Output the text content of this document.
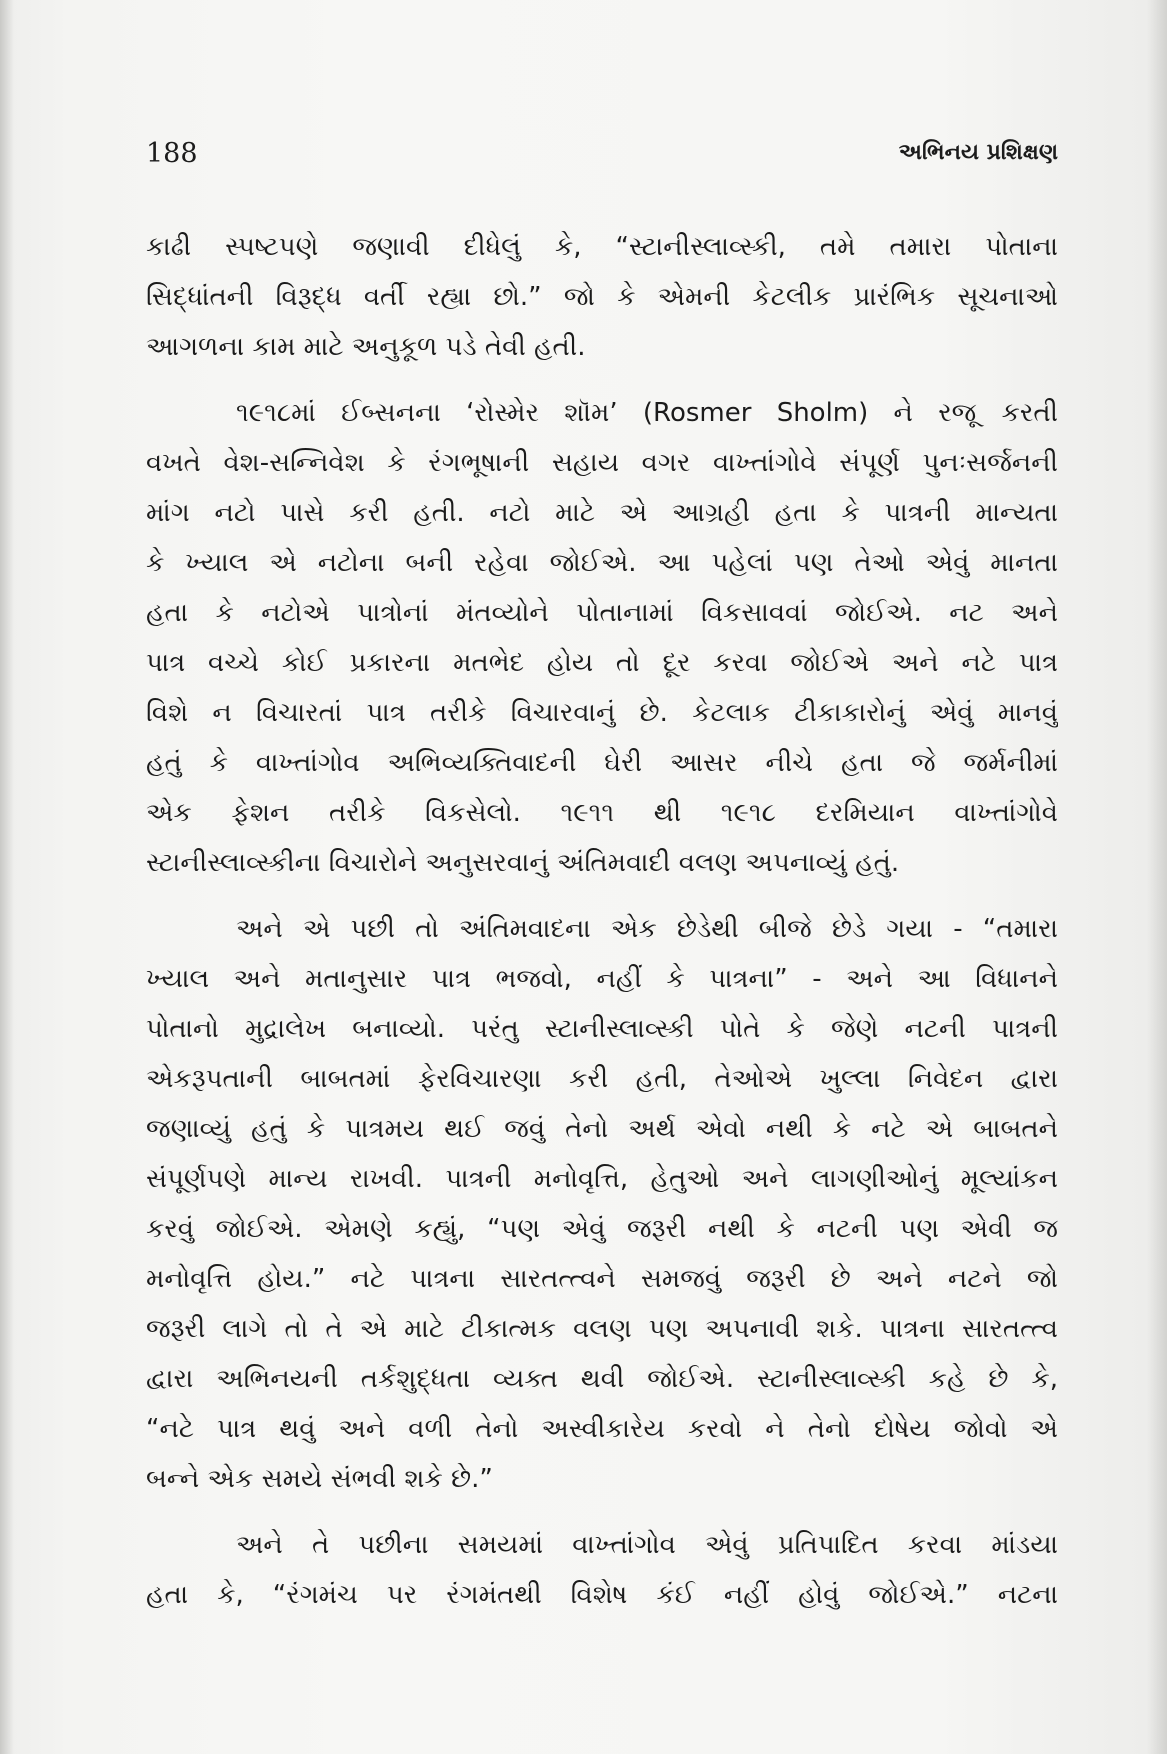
188	અભિનય પ્રશિક્ષણ
કાઢી સ્પષ્ટપણે જણાવી દીધેલું કે, “સ્ટાનીસ્લાવ્સ્કી, તમે તમારા પોતાના
સિદ્ધાંતની વિરૂદ્ધ વર્તી રહ્યા છો.” જો કે એમની કેટલીક પ્રારંભિક સૂચનાઓ
આગળના કામ માટે અનુકૂળ પડે તેવી હતી.
૧૯૧૮માં ઈબ્સનના ‘રોસ્મેર શૉમ’ (Rosmer Sholm) ને રજૂ કરતી
વખતે વેશ-સન્નિવેશ કે રંગભૂષાની સહાય વગર વાખ્તાંગોવે સંપૂર્ણ પુનઃસર્જનની
માંગ નટો પાસે કરી હતી. નટો માટે એ આગ્રહી હતા કે પાત્રની માન્યતા
કે ખ્યાલ એ નટોના બની રહેવા જોઈએ. આ પહેલાં પણ તેઓ એવું માનતા
હતા કે નટોએ પાત્રોનાં મંતવ્યોને પોતાનામાં વિકસાવવાં જોઈએ. નટ અને
પાત્ર વચ્ચે કોઈ પ્રકારના મતભેદ હોય તો દૂર કરવા જોઈએ અને નટે પાત્ર
વિશે ન વિચારતાં પાત્ર તરીકે વિચારવાનું છે. કેટલાક ટીકાકારોનું એવું માનવું
હતું કે વાખ્તાંગોવ અભિવ્યક્તિવાદની ઘેરી આસર નીચે હતા જે જર્મનીમાં
એક ફેશન તરીકે વિકસેલો. ૧૯૧૧ થી ૧૯૧૮ દરમિયાન વાખ્તાંગોવે
સ્ટાનીસ્લાવ્સ્કીના વિચારોને અનુસરવાનું અંતિમવાદી વલણ અપનાવ્યું હતું.
અને એ પછી તો અંતિમવાદના એક છેડેથી બીજે છેડે ગયા - “તમારા
ખ્યાલ અને મતાનુસાર પાત્ર ભજવો, નહીં કે પાત્રના” - અને આ વિધાનને
પોતાનો મુદ્રાલેખ બનાવ્યો. પરંતુ સ્ટાનીસ્લાવ્સ્કી પોતે કે જેણે નટની પાત્રની
એકરૂપતાની બાબતમાં ફેરવિચારણા કરી હતી, તેઓએ ખુલ્લા નિવેદન દ્વારા
જણાવ્યું હતું કે પાત્રમય થઈ જવું તેનો અર્થ એવો નથી કે નટે એ બાબતને
સંપૂર્ણપણે માન્ય રાખવી. પાત્રની મનોવૃત્તિ, હેતુઓ અને લાગણીઓનું મૂલ્યાંકન
કરવું જોઈએ. એમણે કહ્યું, “પણ એવું જરૂરી નથી કે નટની પણ એવી જ
મનોવૃત્તિ હોય.” નટે પાત્રના સારતત્ત્વને સમજવું જરૂરી છે અને નટને જો
જરૂરી લાગે તો તે એ માટે ટીકાત્મક વલણ પણ અપનાવી શકે. પાત્રના સારતત્ત્વ
દ્વારા અભિનયની તર્કશુદ્ધતા વ્યક્ત થવી જોઈએ. સ્ટાનીસ્લાવ્સ્કી કહે છે કે,
“નટે પાત્ર થવું અને વળી તેનો અસ્વીકારેય કરવો ને તેનો દોષેય જોવો એ
બન્ને એક સમયે સંભવી શકે છે.”
અને તે પછીના સમયમાં વાખ્તાંગોવ એવું પ્રતિપાદિત કરવા માંડયા
હતા કે, “રંગમંચ પર રંગમંતથી વિશેષ કંઈ નહીં હોવું જોઈએ.” નટના
